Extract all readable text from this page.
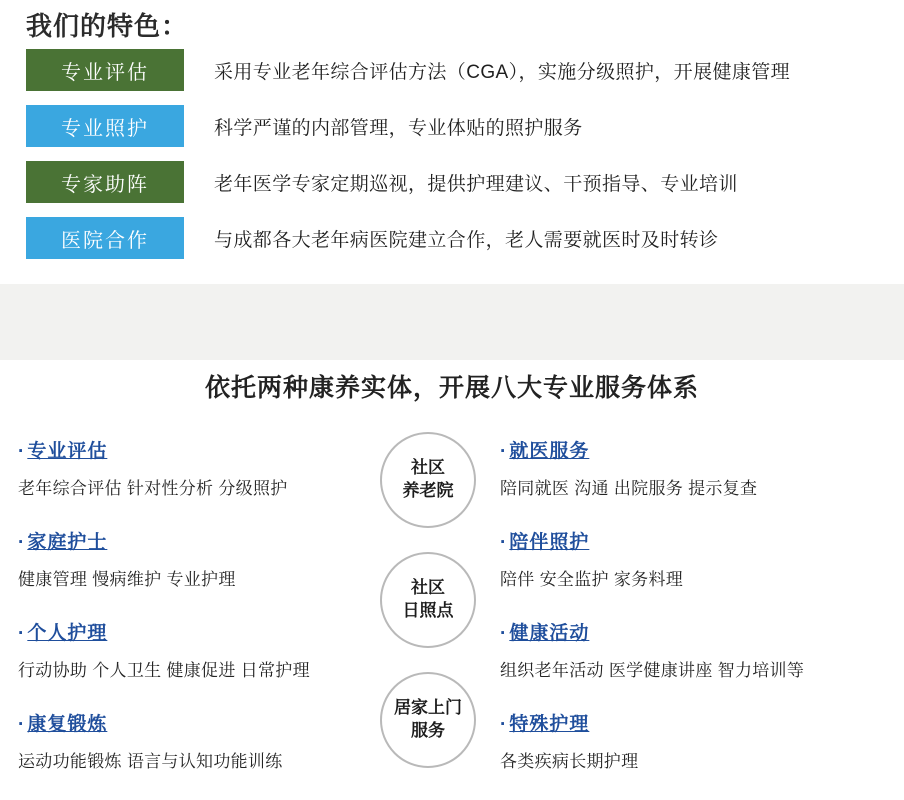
我们的特色：
专业评估	采用专业老年综合评估方法（CGA），实施分级照护，开展健康管理
专业照护	科学严谨的内部管理，专业体贴的照护服务
专家助阵	老年医学专家定期巡视，提供护理建议、干预指导、专业培训
医院合作	与成都各大老年病医院建立合作，老人需要就医时及时转诊
依托两种康养实体，开展八大专业服务体系
· 专业评估
老年综合评估 针对性分析 分级照护
· 家庭护士
健康管理 慢病维护 专业护理
· 个人护理
行动协助 个人卫生 健康促进 日常护理
· 康复锻炼
运动功能锻炼 语言与认知功能训练
· 就医服务
陪同就医 沟通 出院服务 提示复查
· 陪伴照护
陪伴 安全监护 家务料理
· 健康活动
组织老年活动 医学健康讲座 智力培训等
· 特殊护理
各类疾病长期护理
社区
养老院
社区
日照点
居家上门
服务
